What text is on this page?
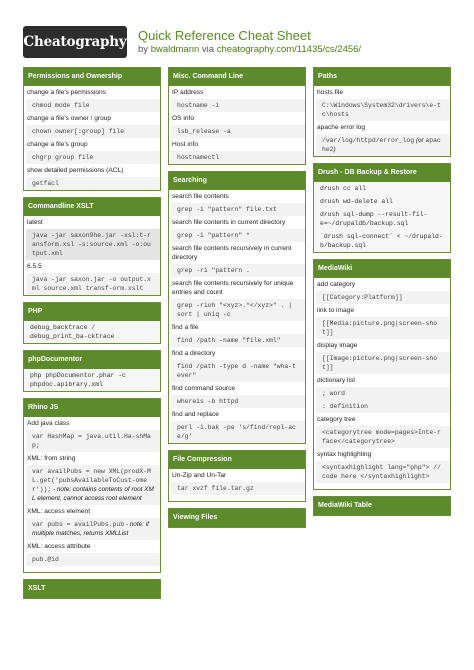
Cheatography Quick Reference Cheat Sheet
by bwaldmann via cheatography.com/11435/cs/2456/
Permissions and Ownership
change a file's permissions
chmod mode file
change a file's owner / group
chown owner[:group] file
change a file's group
chgrp group file
show detailed permissions (ACL)
getfacl
Commandline XSLT
latest
java -jar saxon9he.jar -xsl:t-ransform.xsl -s:source.xml -o:output.xml
6.5.5
java -jar saxon.jar -o output.xml source.xml transf-orm.xslt
PHP
debug_backtrace / debug_print_ba-cktrace
phpDocumentor
php phpDocumentor.phar -c phpdoc.apibrary.xml
Rhino JS
Add java class
var HashMap = java.util.Ha-shMap;
XML: from string
var availPubs = new XML(prodX-ML.get('pubsAvailableToCust-omer')); - note: contains contents of root XML element, cannot access root element
XML: access element
var pubs = availPubs.pub - note: if multiple matches, returns XMLList
XML: access attribute
pub.@id
XSLT
Misc. Command Line
IP address
hostname -i
OS info
lsb_release -a
Host info
hostnamectl
Searching
search file contents
grep -i "pattern" file.txt
search file contents in current directory
grep -i "pattern" *
search file contents recursively in current directory
grep -ri "pattern .
search file contents recursively for unique entries and count
grep -rioh "<xyz>.*</xyz>" . | sort | uniq -c
find a file
find /path -name "file.xml"
find a directory
find /path -type d -name "wha-tever"
find command source
whereis -b httpd
find and replace
perl -i.bak -pe 's/find/repl-ace/g'
File Compression
Un-Zip and Un-Tar
tar xvzf file.tar.gz
Viewing Files
Paths
hosts file
C:\Windows\System32\drivers\e-tc\hosts
apache error log
/var/log/httpd/error_log (or apache2)
Drush - DB Backup & Restore
drush cc all
drush wd-delete all
drush sql-dump --result-fil-e=~/drupaldb/backup.sql
`drush sql-connect` < ~/drupald-b/backup.sql
MediaWiki
add category
[[Category:Platform]]
link to image
[[Media:picture.png|screen-shot]]
display image
[[Image:picture.png|screen-shot]]
dictionary list
; word
: definition
category tree
<categorytree mode=pages>Inte-rface</categorytree>
syntax highlighting
<syntaxhighlight lang="php"> // code here </syntaxhighlight>
MediaWiki Table
